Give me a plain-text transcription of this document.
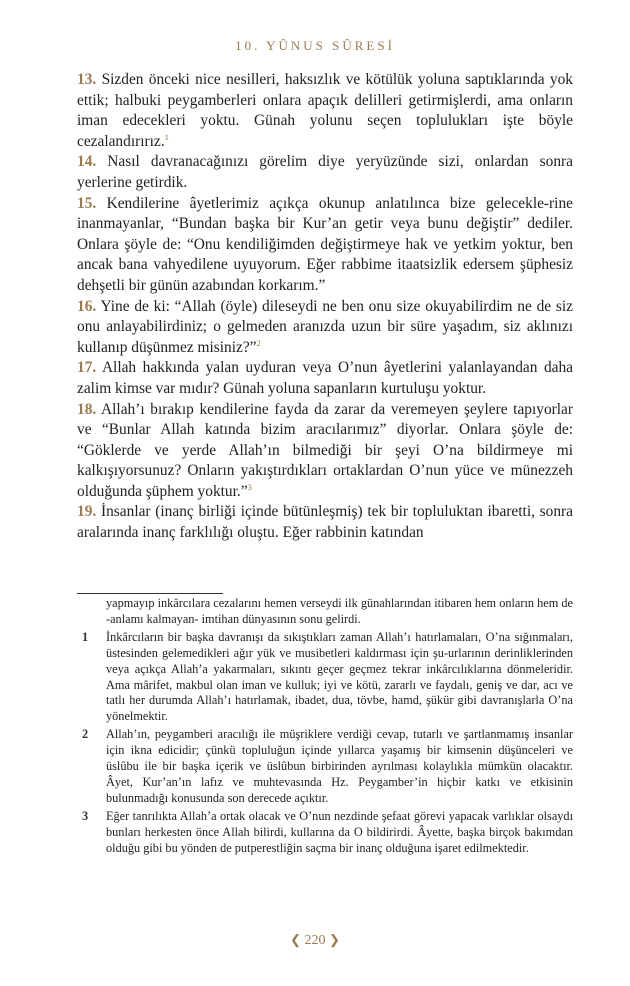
10. YÛNUS SÛRESİ

13. Sizden önceki nice nesilleri, haksızlık ve kötülük yoluna saptıklarında yok ettik; halbuki peygamberleri onlara apaçık delilleri getirmişlerdi, ama onların iman edecekleri yoktu. Günah yolunu seçen toplulukları işte böyle cezalandırırız.$^1$

14. Nasıl davranacağınızı görelim diye yeryüzünde sizi, onlardan sonra yerlerine getirdik.

15. Kendilerine âyetlerimiz açıkça okunup anlatılınca bize gelecekle-rine inanmayanlar, “Bundan başka bir Kur’an getir veya bunu değiştir” dediler. Onlara şöyle de: “Onu kendiliğimden değiştirmeye hak ve yetkim yoktur, ben ancak bana vahyedilene uyuyorum. Eğer rabbime itaatsizlik edersem şüphesiz dehşetli bir günün azabından korkarım.”

16. Yine de ki: “Allah (öyle) dileseydi ne ben onu size okuyabilirdim ne de siz onu anlayabilirdiniz; o gelmeden aranızda uzun bir süre yaşadım, siz aklınızı kullanıp düşünmez misiniz?”$^2$

17. Allah hakkında yalan uyduran veya O’nun âyetlerini yalanlayandan daha zalim kimse var mıdır? Günah yoluna sapanların kurtuluşu yoktur.

18. Allah’ı bırakıp kendilerine fayda da zarar da veremeyen şeylere tapıyorlar ve “Bunlar Allah katında bizim aracılarımız” diyorlar. Onlara şöyle de: “Göklerde ve yerde Allah’ın bilmediği bir şeyi O’na bildirmeye mi kalkışıyorsunuz? Onların yakıştırdıkları ortaklardan O’nun yüce ve münezzeh olduğunda şüphem yoktur.”$^3$

19. İnsanlar (inanç birliği içinde bütünleşmiş) tek bir topluluktan ibaretti, sonra aralarında inanç farklılığı oluştu. Eğer rabbinin katından

yapmayıp inkârcılara cezalarını hemen verseydi ilk günahlarından itibaren hem onların hem de -anlamı kalmayan- imtihan dünyasının sonu gelirdi.

1 İnkârcıların bir başka davranışı da sıkıştıkları zaman Allah’ı hatırlamaları, O’na sığınmaları, üstesinden gelemedikleri ağır yük ve musibetleri kaldırması için şu-urlarının derinliklerinden veya açıkça Allah’a yakarmaları, sıkıntı geçer geçmez tekrar inkârcılıklarına dönmeleridir. Ama mârifet, makbul olan iman ve kulluk; iyi ve kötü, zararlı ve faydalı, geniş ve dar, acı ve tatlı her durumda Allah’ı hatırlamak, ibadet, dua, tövbe, hamd, şükür gibi davranışlarla O’na yönelmektir.

2 Allah’ın, peygamberi aracılığı ile müşriklere verdiği cevap, tutarlı ve şartlanmamış insanlar için ikna edicidir; çünkü topluluğun içinde yıllarca yaşamış bir kimsenin düşünceleri ve üslûbu ile bir başka içerik ve üslûbun birbirinden ayrılması kolaylıkla mümkün olacaktır. Âyet, Kur’an’ın lafız ve muhtevasında Hz. Peygamber’in hiçbir katkı ve etkisinin bulunmadığı konusunda son derecede açıktır.

3 Eğer tanrılıkta Allah’a ortak olacak ve O’nun nezdinde şefaat görevi yapacak varlıklar olsaydı bunları herkesten önce Allah bilirdi, kullarına da O bildirirdi. Âyette, başka birçok bakımdan olduğu gibi bu yönden de putperestliğin saçma bir inanç olduğuna işaret edilmektedir.

❮ 220 ❯
